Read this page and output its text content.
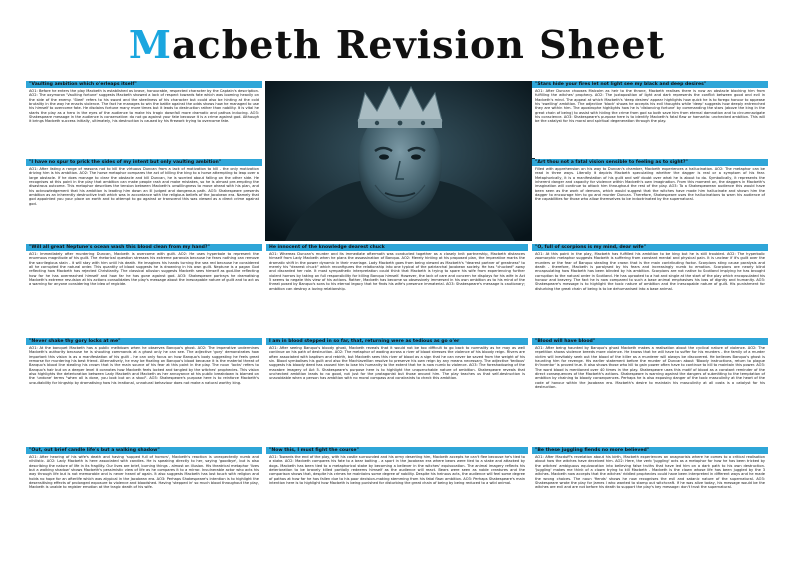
Macbeth Revision Sheet
"Vaulting ambition which o'erleaps itself"
AO1: Before he enters the play Macbeth is established as brave, honourable, respected character by the Captain's description. AO2: The oxymoron 'Vaulting fortune' suggests Macbeth showed a lack of respect towards fate which was looming heavily on the side of the enemy. 'Steel' refers to his sword and the steeliness of his character but could also be hinting at the cold brutality in the way he enacts violence. The fact he manages to win the battle against the odds shows how he managed to use his himself to overcome fate. He disdains fortune many more times but it leads to destruction rather than nobility. It is vital he starts the play as a hero in the eyes of the audience to make his tragic downfall more dramatic and pathos inducing. AO3: Shakespeare message in the audience is conservative: do not go against your fate because it is a crime against god. Although it brings Macbeth success initially, ultimately, his destruction is caused by his firework trying to overcome fate.
"I have no spur to prick the sides of my intent but only vaulting ambition"
AO1: After listing a range of reasons not to kill the virtuous Duncan from a lack of motivation to kill - the only motivation driving him is his ambition. AO2: The horse metaphor compares the act of killing the king to a horse attempting to leap over a large obstacle. If he does manage to clear the obstacle and kill Duncan, he is worried about falling on the other side. He recognises at this point in the play that ambition can make people rash and make mistakes, so he is almost pre-empting the disastrous outcome. This metaphor describes the tension between Macbeth's unwillingness to move ahead with his plan, and his acknowledgement that his ambition is leading him down an ill judged and dangerous path. AO3: Shakespeare presents ambition as an inherently destructive trait which was in accordance with the religious beliefs of the Jacobean era. Namely that god appointed you your place on earth and to attempt to go against or transcend this was viewed as a direct crime against god.
"Will all great Neptune's ocean wash this blood clean from my hand?"
AO1: Immediately after murdering Duncan, Macbeth is overcome with guilt. AO2: He uses hyperbole to represent the enormous magnitude of his guilt. The rhetorical question stresses his extreme paranoia because he fears nothing can remove the sacrilegious stain - it will stay with him until his death. He imagines his hands turning the sea red because he considered all he corrupted the natural order. This quantity of blood suggests he is drowning in his own guilt. Neptune is a pagan God reflecting how Macbeth has rejected Christianity. The classical allusion suggests Macbeth sees himself as god-like reflecting how far he has overreached himself and how far he has gone against god. AO3: Shakespeare portrays he dramatising Macbeth's extreme revulsion at his actions consolidates the play's message about the inescapable nature of guilt and to act as a warning for anyone considering the idea of regicide.
"Never shake thy gory locks at me"
AO1: At the banquet Macbeth has a public meltdown when he observes Banquo's ghost. AO2: The imperative undermines Macbeth's authority because he is shouting commands at a ghost only he can see. The adjective 'gory' demonstrates how important this vision is as a manifestation of his guilt - he can only focus on how Banquo's body suggesting he feels great remorse for murdering his best friend. Alternatively, he may be fixating on Banquo's blood because it is the material threat of Banquo's blood line stealing his crown that is the main source of his fear at this point in the play. The noun 'locks' refers to Banquo's hair but on a deeper level it connotes how Macbeth feels locked and tangled by the witches' prophecies. This vision also highlights the deterioration between Lady Macbeth and Macbeth as her annoyance at his public breakdown is blamed on the 'undone' terms "when all is done, you look but on a stool". AO3: Shakespeare's purpose here is to reinforce Macbeth's unsuitability for kingship by dramatising how his irrational, unnatural behaviour does not make a natural worthy king.
"Out, out brief candle life's but a walking shadow"
AO1: After hearing of his wife's death and having 'supped full of horrors', Macbeth's reaction is unexpectedly numb and nihilistic. AO2: Lady Macbeth is here associated with candles. He is speaking directly to her, saying 'goodbye', but is also describing the nature of life in its fragility. Our lives are brief, burning things - almost an illusion. His theatrical metaphor 'lives but a walking shadow' shows Macbeth's pessimistic view of life as he compares it to a mirror. Invulnerable actor who acts his way through life but is not memorable and is never heard of again. It also suggests Macbeth has lost touch with religion and holds no hope for an afterlife which was atypical in the Jacobean era. AO3: Perhaps Shakespeare's intention is to highlight the desensitising effects of prolonged exposure to violence and bloodshed. Having 'stepped in' so much blood throughout the play, Macbeth is unable to register emotion at the tragic death of his wife.
He innocent of the knowledge dearest chuck
AO1: Whereas Duncan's murder and its immediate aftermath was conducted together as a closely knit partnership, Macbeth distances himself from Lady Macbeth when he plans the assassination of Banquo. AO2: Merely hinting at his proposed plan, the imperative marks the dramatic shift in the power dynamic in their marriage. Lady Macbeth goes from being viewed as Macbeth's "dearest partner of greatness" to merely his "dearest chuck" which reconfigures the relationship into one typical of the patriarchal Jacobean society. He has "chucked" away and discarded her role. It most sympathetic interpretation could think that Macbeth is trying to spare his wife from experiencing further violent horrors by taking on full responsibility for killing Banquo himself. However, the lack of care and concern he displays for his wife in Act 5 seems to negate this view of his actions. Rather, Macbeth has become so obsessively immersed in his own ambition as to his mind of the threat posed by Banquo's sons to his eternal legacy that he finds his wife's presence immaterial. AO3: Shakespeare's message is cautionary; ambition can destroy a loving relationship.
I am in blood stepped in so far, that, returning were as tedious as go o'er
AO1: After seeing Banquo's bloody ghost, Macbeth reveals that it would not be too difficult to go back to normality as he may as well continue on his path of destruction. AO2: The metaphor of wading across a river of blood stresses the violence of his bloody reign. Rivers are often associated with baptism and rebirth, but Macbeth sees this river of blood as a sign that he can never be saved from the weight of his sin. Blood symbolises his guilt and also the Machiavellian resolve to preserve his own reign by any means necessary. The adjective 'tedious' suggests his bloody deed has caused him to lose his humanity to the extent that he is now numb to violence. AO3: The foreshadowing of the macabre imagery of Act 5. Shakespeare's purpose here is to highlight the unquenchable nature of ambition. Shakespeare reveals that unchecked ambition leads to no good, not just for the protagonist but those around him. The play teaches us that self-destruction is unavoidable when a person has ambition with no moral compass and constraints to check this ambition.
"Now this, I must fight the course"
AO1: Towards the end of the play, with his castle surrounded and his army deserting him, Macbeth accepts he can't flee because he's tied to a stake. AO2: Macbeth compares his fate to a bear baiting - a sport in the Jacobean era where bears were tied to a stake and attacked by dogs. Macbeth has been tied to a metaphorical stake by becoming a believer in the witches' equivocation. The animal imagery reflects his deterioration to be bravely killed partially redeems himself as the audience will react. Bears were seen as noble creatures and the comparison shows that, despite his crimes he maintains some degree of nobility. Despite his heinous acts, the audience will feel some degree of pathos at how far he has fallen due to his poor decision-making stemming from his fatal flaw: ambition. AO3: Perhaps Shakespeare's main intention here is to highlight how Macbeth is being punished for disturbing the great chain of being by being reduced to a wild animal.
"Stars hide your fires let not light see my black and deep desires"
AO1: After Duncan chooses Malcolm as heir to the throne, Macbeth realises there is now an obstacle blocking him from fulfilling the witches' prophecy. AO2: The juxtaposition of light and dark represents the conflict between good and evil in Macbeth's mind. The appeal at which Macbeth's 'deep desires' appear highlights how quick he is to forego honour to appease his 'swelling' ambition. The adjective 'black' shows he accepts his evil thoughts while 'deep' suggests how deeply entrenched they are within him. The apostrophe highlights how he is 'distancing fortune' by commanding the stars (above the king in the great chain of being) to assist with hiding the crime from god so both save him from eternal damnation and to circumnavigate his conscience. AO3: Shakespeare's purpose here is to identify Macbeth's fatal flaw or hamartia: unchecked ambition. This will be the catalyst for his moral and spiritual degeneration through the play.
"Art thou not a fatal vision sensible to feeling as to sight?"
Filled with apprehension on his way to Duncan's chamber, Macbeth experiences a hallucination. AO2: The metaphor can be read in three ways. Literally it depicts Macbeth speculating whether the dagger is real or a symptom of his fear. Metaphorically, it is a manifestation of his guilt and self doubt over what he is about to do. Symbolically, it represents the inherent danger and capacity for violence within Macbeth's own imagination. From this moment on, the daggers in Macbeth's imagination will continue to attack him throughout the rest of the play. AO3: To a Shakespearean audience this would have been seen as the work of demons, which would suggest that the witches have made him hallucinate and shown him the dagger to encourage him to go and murder Duncan. Therefore, Shakespeare uses the hallucinations to warn his audience of the capabilities for those who allow themselves to be indoctrinated by the supernatural.
"O, full of scorpions is my mind, dear wife"
AO1: At this point in the play, Macbeth has fulfilled his ambition to be king but he is still troubled. AO2: The hyperbolic zoomorphic metaphor suggests Macbeth is suffering from constant mental and physical pain. It is unclear if it's guilt over the murders or the fear of Banquo stealing the crown that is the main contributing factor. Scorpions sting cause paralysis and death - therefore, Macbeth is paralysed by his fears and increasingly numb to emotion. Scorpions are nearly blind encapsulating how Macbeth has been blinded by his ambition. Scorpions are not native to Scotland implying he has brought corruption to the natural order in Scotland. He has uprooted to a hot and single at the start of the play which encapsulated his honour and bravery. The fact he is now compared to such a base animal emphasises his loss of dignity and humanity. AO3: Shakespeare's message is to highlight the toxic nature of ambition and the inescapable nature of guilt. His punishment for disturbing the great chain of being is to be dehumanised into a base animal.
"Blood will have blood"
AO1: After being haunted by Banquo's ghost Macbeth makes a realisation about the cyclical nature of violence. AO2: The repetition shows violence breeds more violence. He knows that he will have to suffer for his murders - the family of a murder victim will inevitably seek out the blood of the killer as a murderer will always be discovered. He believes Banquo's ghost is haunting him for revenge. His earlier statement before the murder of Duncan about 'Bloody instructions, return to plague th'inventor' is proved true. It also shows those who kill to gain power often have to continue to kill to maintain this power. AO3: The word blood is mentioned over 40 times in the play. Shakespeare uses this motif of blood as a constant reminder of the direct consequences of the Macbeth's actions. Shakespeare is warning against the dangers of submitting to the temptation of ambition by chaining to bloody consequences. Perhaps he is also exposing danger of the toxic masculinity at the heart of the code of honour within the Jacobean era. Macbeth's desire to maintain his masculinity at all costs is a catalyst for his destruction.
"Be these juggling fiends no more believed"
AO1: After Macduff's revelation about his birth, Macbeth experiences an anagnorisis where he comes to a critical realisation about how the witches have deceived him. AO2: Here, the verb 'juggling' acts as a metaphor for how he has been tricked by the witches' ambiguous equivocation into believing false truths that have led him on a dark path to his own destruction. 'Juggling' makes me think of a clown trying to kill Macbeth - Macbeth is the clown whose life has been juggled by the 3 witches. Macbeth now accepts that the witches' riddled prophecies could have been interpreted in different ways and he made the wrong choices. The noun 'fiends' shows he now recognises the evil and satanic nature of the supernatural. AO3: Shakespeare wrote the play for James I who wanted to stamp out witchcraft. If he was alive today, his message would be the witches are evil and are not before his death to support the play's key message: don't trust the supernatural.
